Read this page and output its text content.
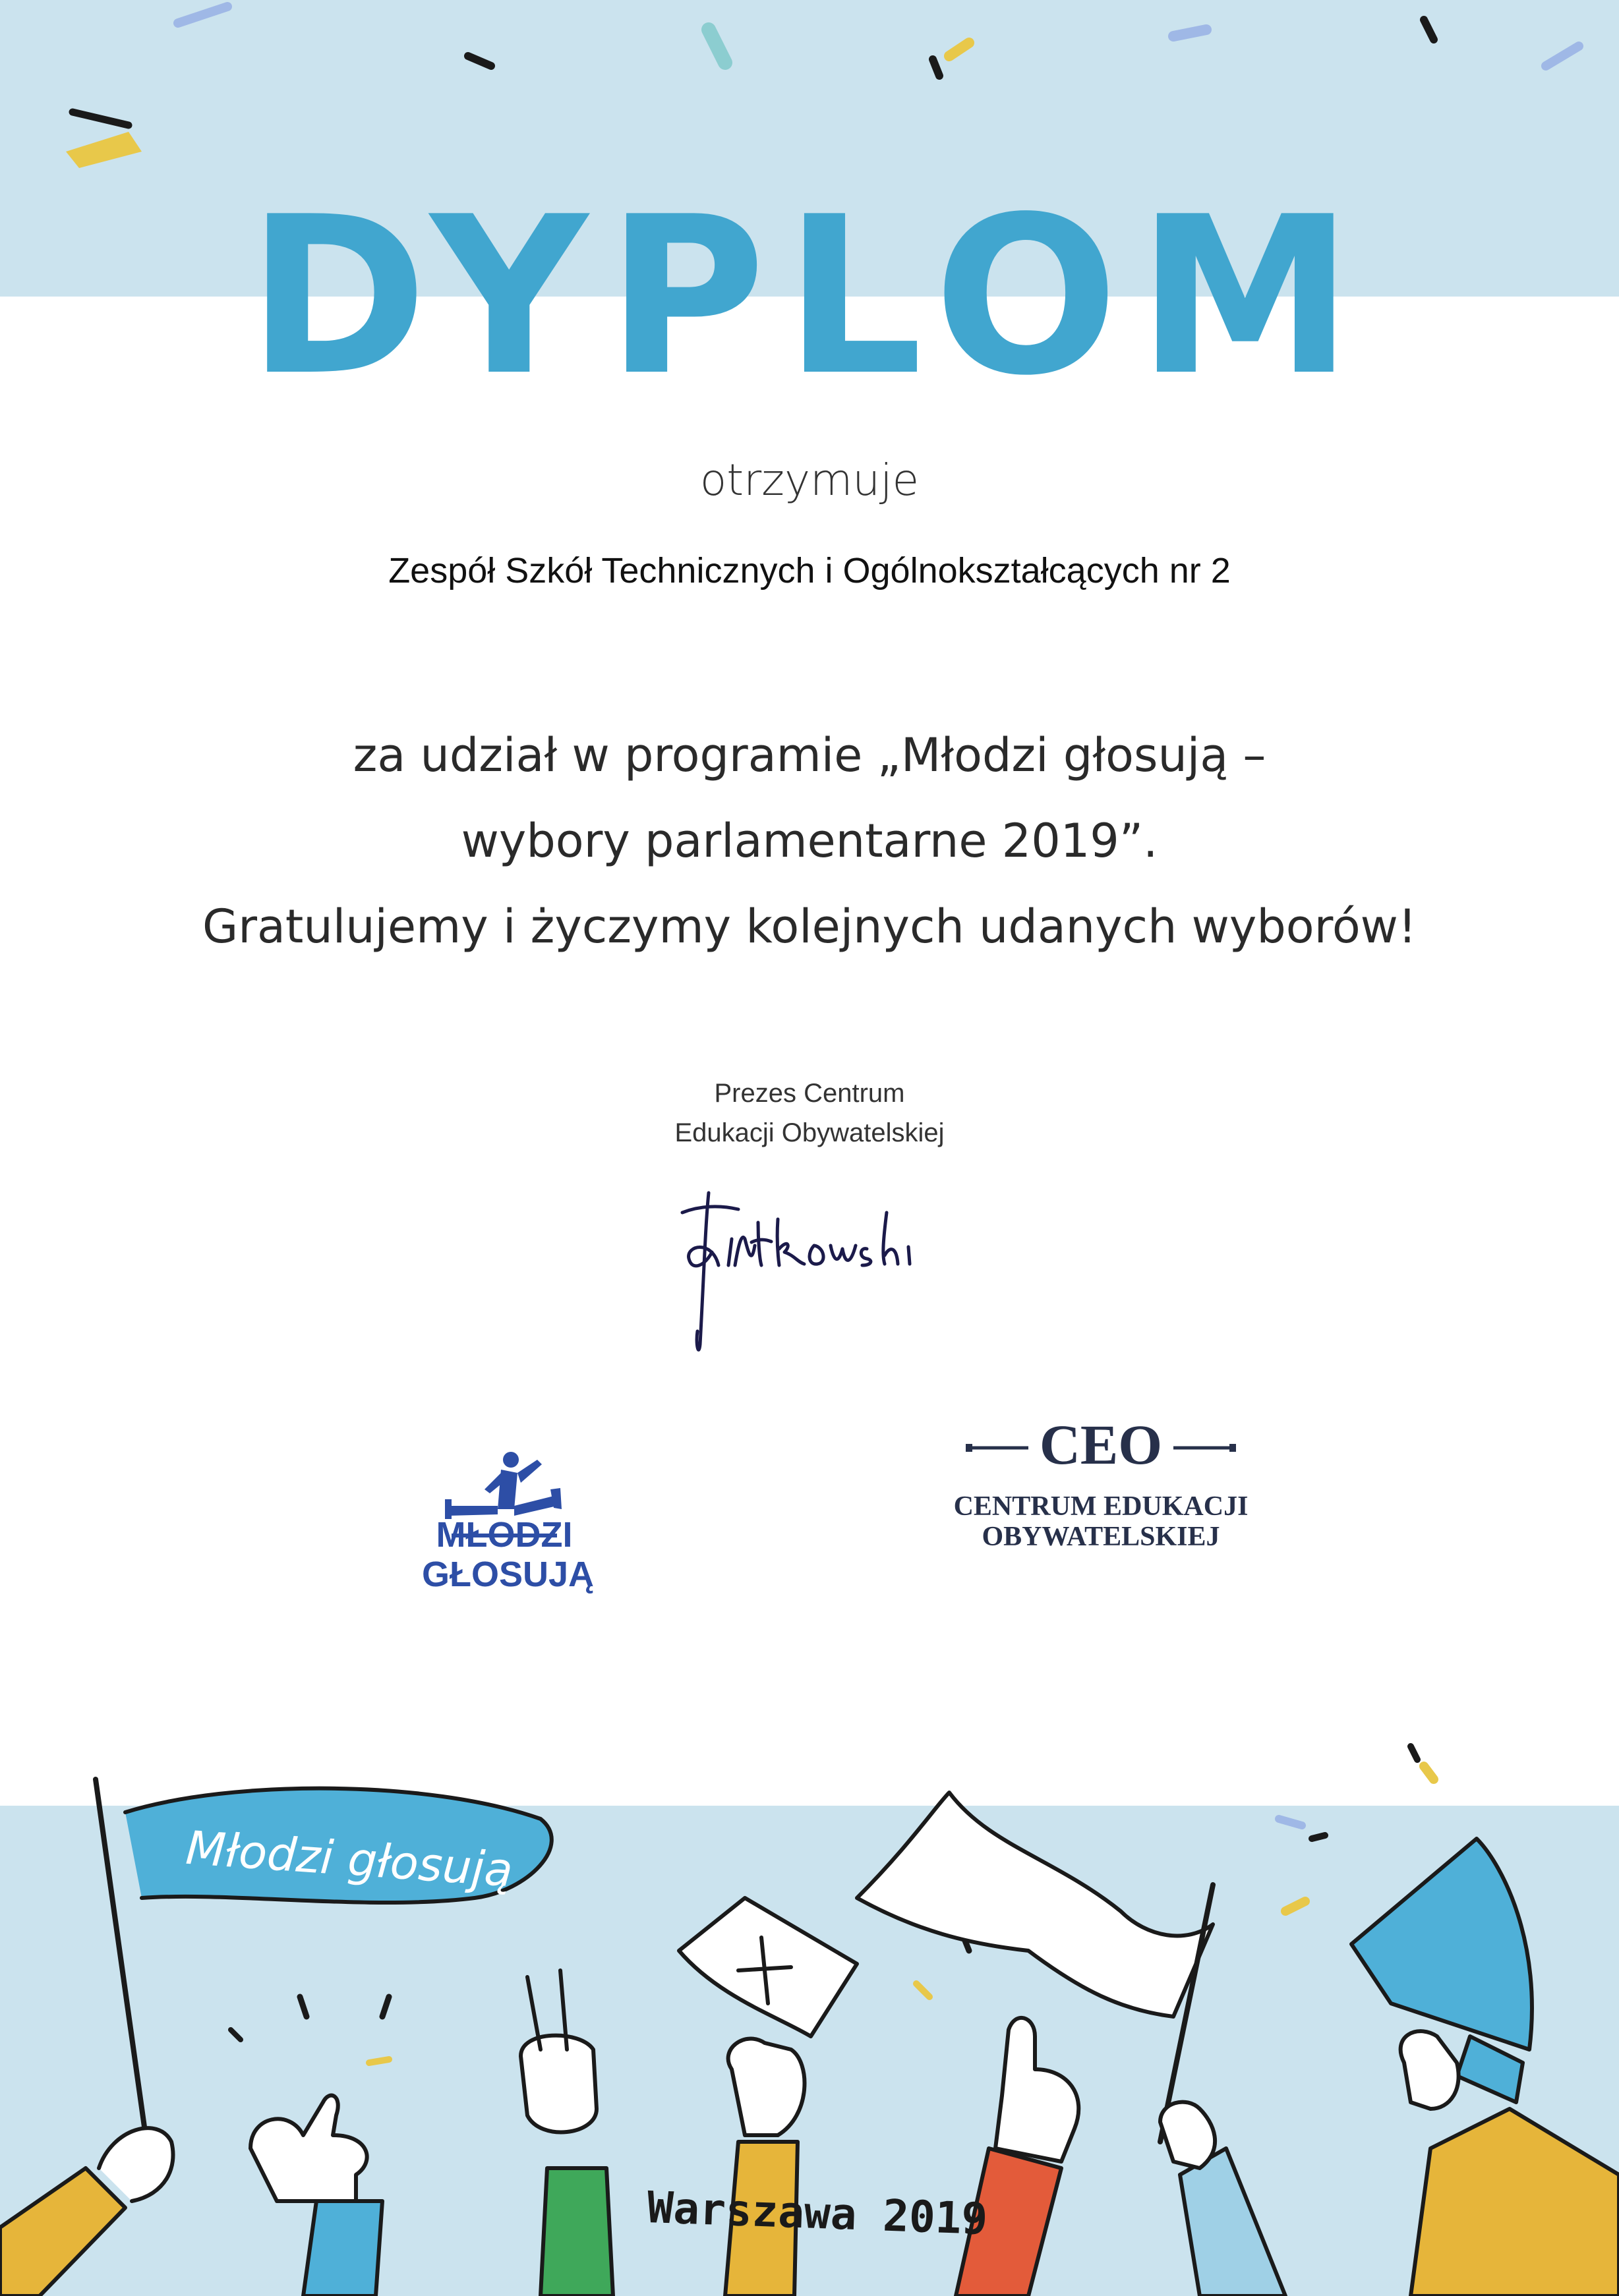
DYPLOM
otrzymuje
Zespół Szkół Technicznych i Ogólnokształcących nr 2
za udział w programie „Młodzi głosują –
wybory parlamentarne 2019”.
Gratulujemy i życzymy kolejnych udanych wyborów!
Prezes Centrum
Edukacji Obywatelskiej
MŁODZI
GŁOSUJĄ
CEO
CENTRUM EDUKACJI
OBYWATELSKIEJ
Młodzi głosują
Warszawa 2019
